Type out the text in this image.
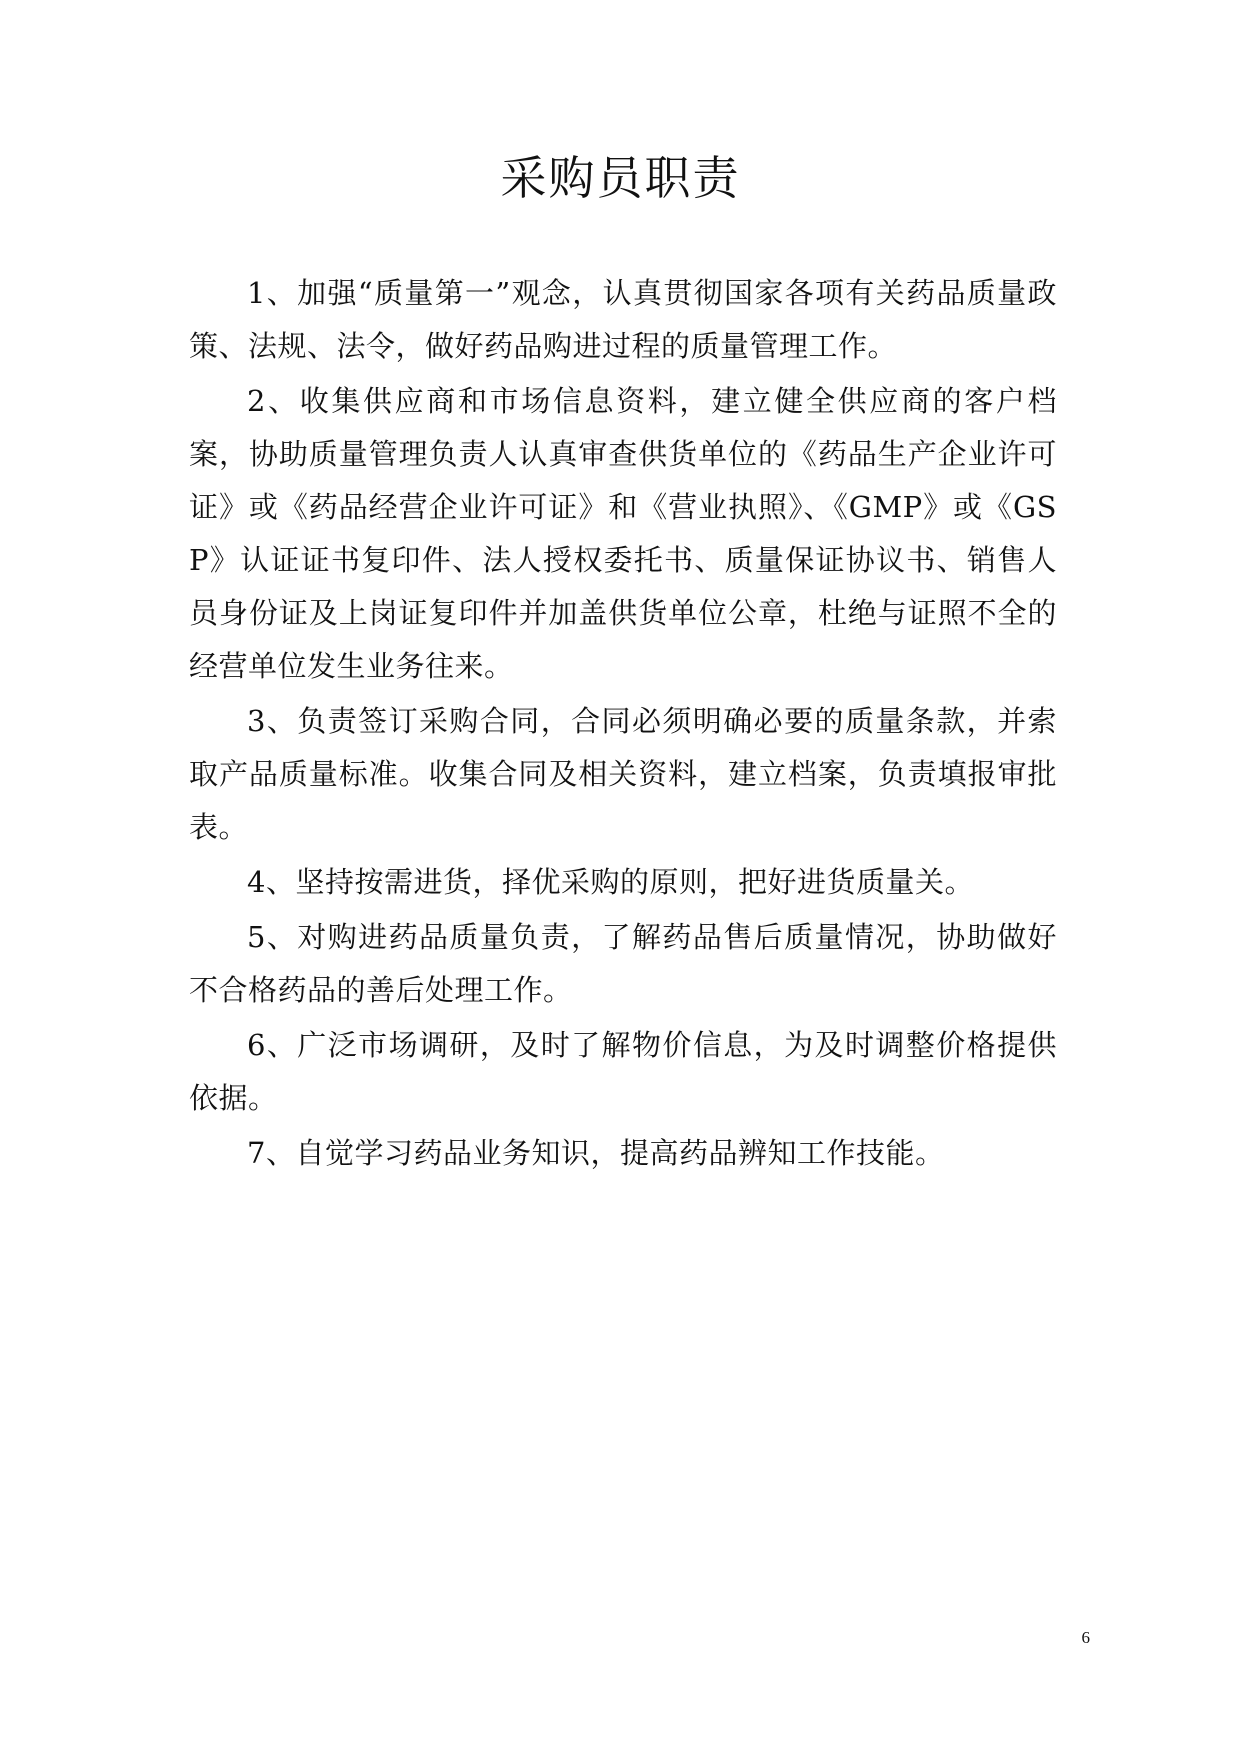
采购员职责

1、加强“质量第一”观念，认真贯彻国家各项有关药品质量政策、法规、法令，做好药品购进过程的质量管理工作。

2、收集供应商和市场信息资料，建立健全供应商的客户档案，协助质量管理负责人认真审查供货单位的《药品生产企业许可证》或《药品经营企业许可证》和《营业执照》、《GMP》或《GSP》认证证书复印件、法人授权委托书、质量保证协议书、销售人员身份证及上岗证复印件并加盖供货单位公章，杜绝与证照不全的经营单位发生业务往来。

3、负责签订采购合同，合同必须明确必要的质量条款，并索取产品质量标准。收集合同及相关资料，建立档案，负责填报审批表。

4、坚持按需进货，择优采购的原则，把好进货质量关。

5、对购进药品质量负责，了解药品售后质量情况，协助做好不合格药品的善后处理工作。

6、广泛市场调研，及时了解物价信息，为及时调整价格提供依据。

7、自觉学习药品业务知识，提高药品辨知工作技能。

6
